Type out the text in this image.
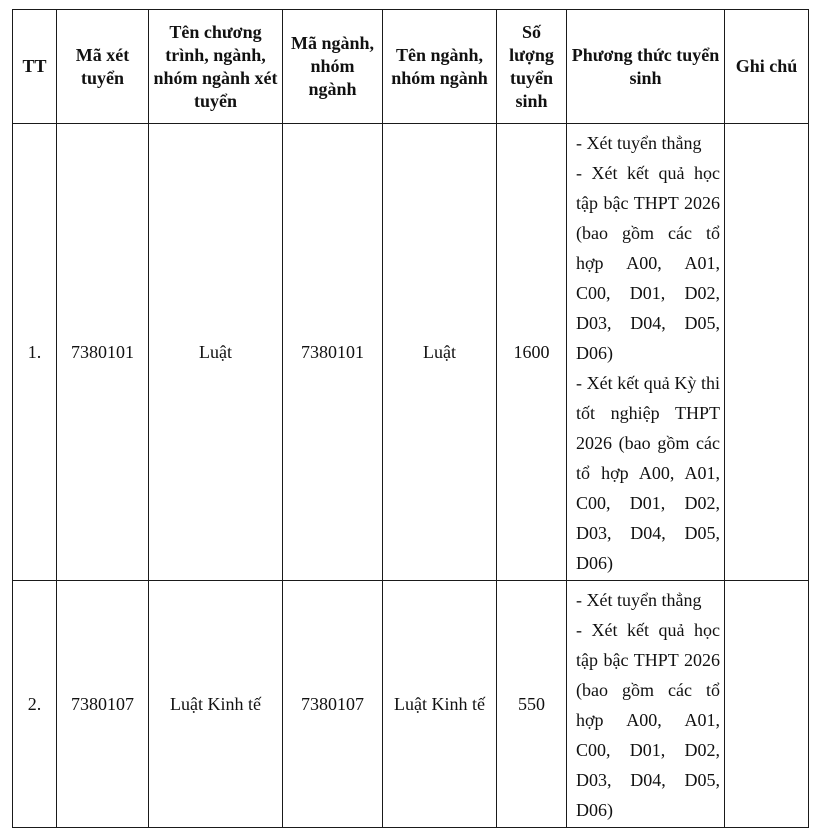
TT	Mã xét tuyển	Tên chương trình, ngành, nhóm ngành xét tuyển	Mã ngành, nhóm ngành	Tên ngành, nhóm ngành	Số lượng tuyển sinh	Phương thức tuyển sinh	Ghi chú
1.	7380101	Luật	7380101	Luật	1600	- Xét tuyển thẳng
- Xét kết quả học tập bậc THPT 2026 (bao gồm các tổ hợp A00, A01, C00, D01, D02, D03, D04, D05, D06)
- Xét kết quả Kỳ thi tốt nghiệp THPT 2026 (bao gồm các tổ hợp A00, A01, C00, D01, D02, D03, D04, D05, D06)	

2.	7380107	Luật Kinh tế	7380107	Luật Kinh tế	550	- Xét tuyển thẳng
- Xét kết quả học tập bậc THPT 2026 (bao gồm các tổ hợp A00, A01, C00, D01, D02, D03, D04, D05, D06)	
